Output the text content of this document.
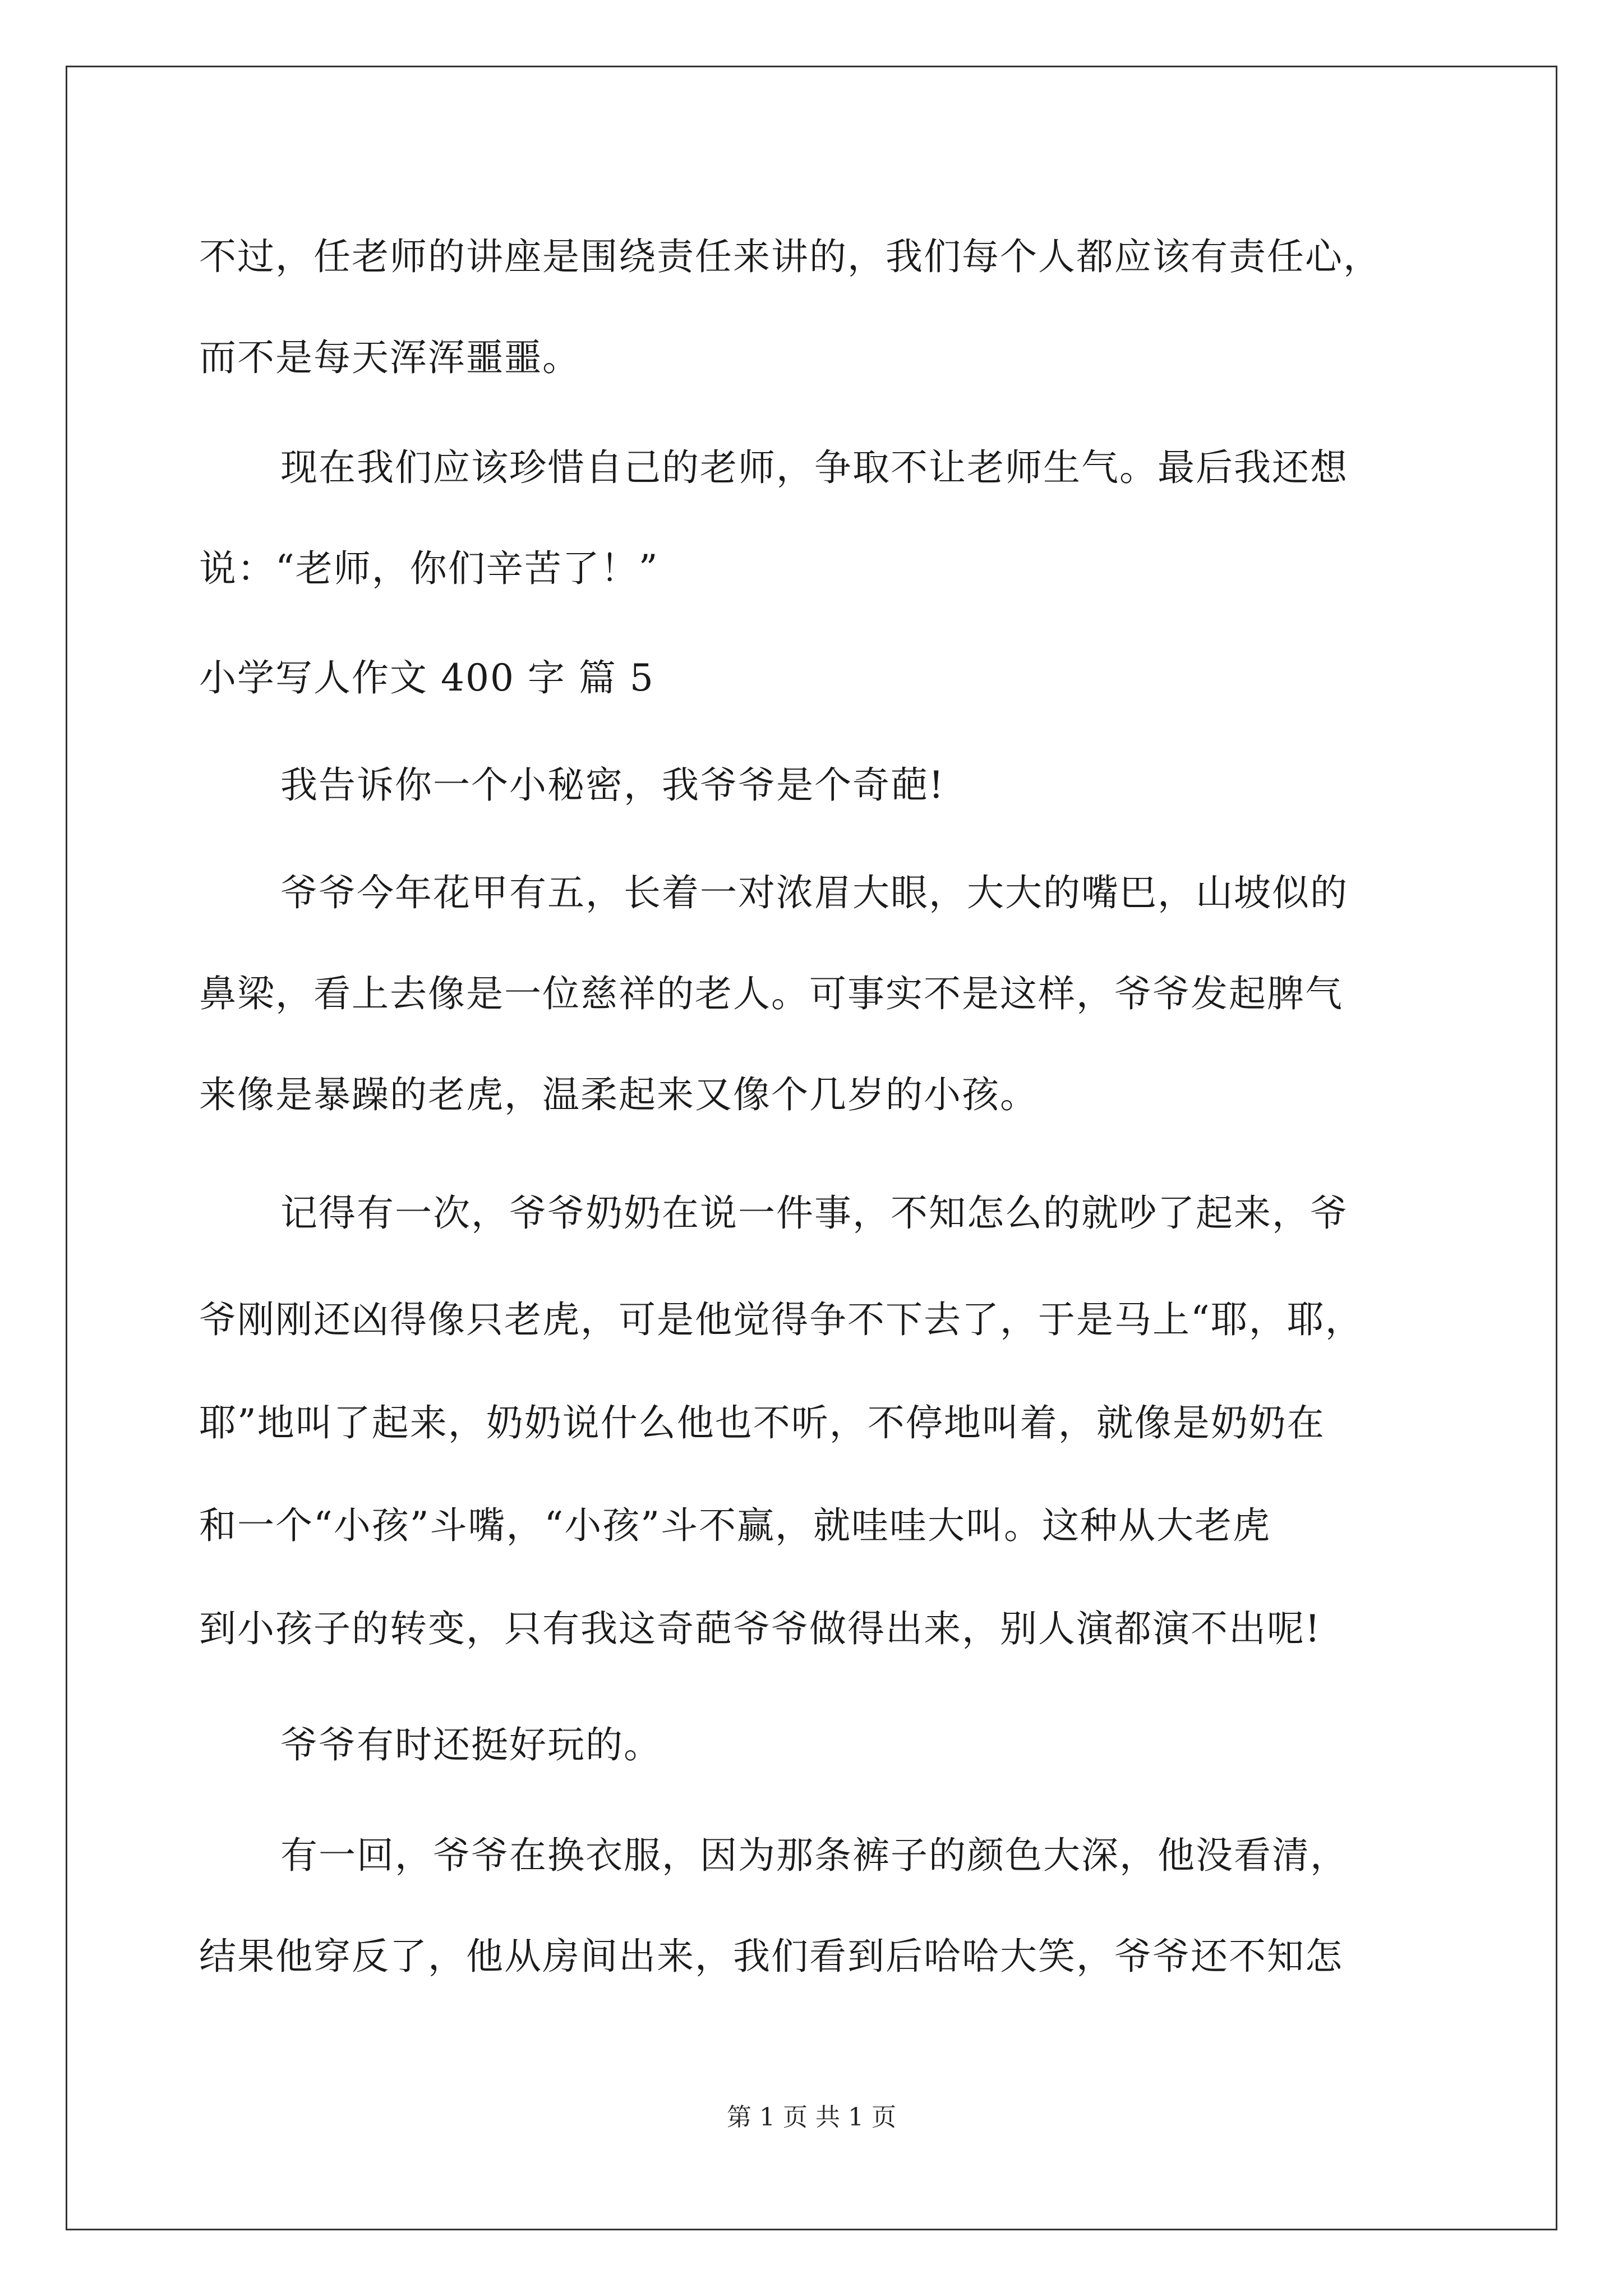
不过，任老师的讲座是围绕责任来讲的，我们每个人都应该有责任心，
而不是每天浑浑噩噩。
现在我们应该珍惜自己的老师，争取不让老师生气。最后我还想
说：“老师，你们辛苦了！”
小学写人作文 400 字 篇 5
我告诉你一个小秘密，我爷爷是个奇葩!
爷爷今年花甲有五，长着一对浓眉大眼，大大的嘴巴，山坡似的
鼻梁，看上去像是一位慈祥的老人。可事实不是这样，爷爷发起脾气
来像是暴躁的老虎，温柔起来又像个几岁的小孩。
记得有一次，爷爷奶奶在说一件事，不知怎么的就吵了起来，爷
爷刚刚还凶得像只老虎，可是他觉得争不下去了，于是马上“耶，耶，
耶”地叫了起来，奶奶说什么他也不听，不停地叫着，就像是奶奶在
和一个“小孩”斗嘴，“小孩”斗不赢，就哇哇大叫。这种从大老虎
到小孩子的转变，只有我这奇葩爷爷做得出来，别人演都演不出呢!
爷爷有时还挺好玩的。
有一回，爷爷在换衣服，因为那条裤子的颜色大深，他没看清，
结果他穿反了，他从房间出来，我们看到后哈哈大笑，爷爷还不知怎
第 1 页 共 1 页
